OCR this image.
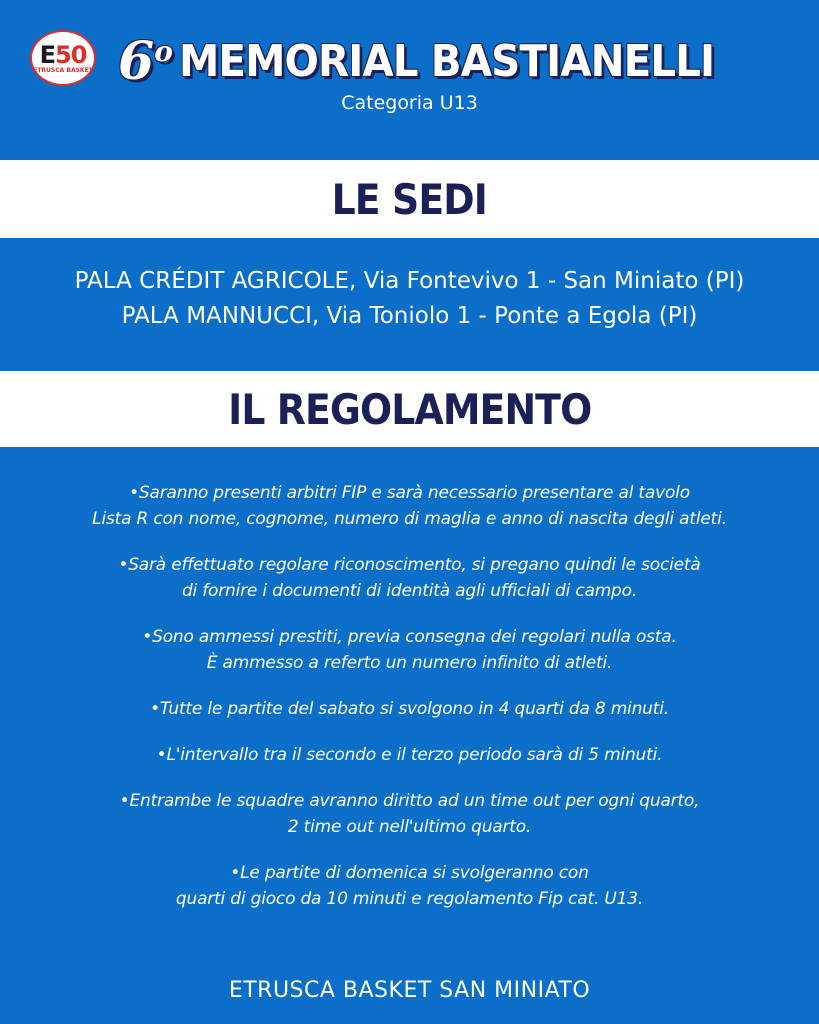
E50
ETRUSCA BASKET 6$^o$ MEMORIAL BASTIANELLI
Categoria U13
LE SEDI
PALA CRÉDIT AGRICOLE, Via Fontevivo 1 - San Miniato (PI)
PALA MANNUCCI, Via Toniolo 1 - Ponte a Egola (PI)
IL REGOLAMENTO
•Saranno presenti arbitri FIP e sarà necessario presentare al tavolo
Lista R con nome, cognome, numero di maglia e anno di nascita degli atleti.
•Sarà effettuato regolare riconoscimento, si pregano quindi le società
di fornire i documenti di identità agli ufficiali di campo.
•Sono ammessi prestiti, previa consegna dei regolari nulla osta.
È ammesso a referto un numero infinito di atleti.
•Tutte le partite del sabato si svolgono in 4 quarti da 8 minuti.
•L'intervallo tra il secondo e il terzo periodo sarà di 5 minuti.
•Entrambe le squadre avranno diritto ad un time out per ogni quarto,
2 time out nell'ultimo quarto.
•Le partite di domenica si svolgeranno con
quarti di gioco da 10 minuti e regolamento Fip cat. U13.
ETRUSCA BASKET SAN MINIATO
